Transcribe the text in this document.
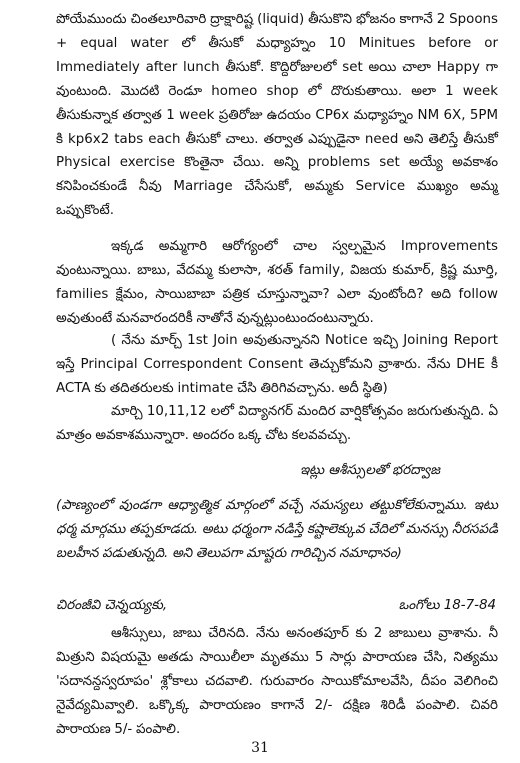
పోయేముందు చింతలూరివారి ద్రాక్షారిష్ట (liquid) తీసుకొని భోజనం కాగానే 2 Spoons + equal water లో తీసుకో మధ్యాహ్నం 10 Minitues before or Immediately after lunch తీసుకో. కొద్దిరోజులలో set అయి చాలా Happy గా వుంటుంది. మొదటి రెండూ homeo shop లో దొరుకుతాయి. అలా 1 week తీసుకున్నాక తర్వాత 1 week ప్రతిరోజు ఉదయం CP6x మధ్యాహ్నం NM 6X, 5PM కి kp6x2 tabs each తీసుకో చాలు. తర్వాత ఎప్పుడైనా need అని తెలిస్తే తీసుకో Physical exercise కొంతైనా చేయి. అన్ని problems set అయ్యే అవకాశం కనిపించకుండే నీవు Marriage చేసేసుకో, అమ్మకు Service ముఖ్యం అమ్మ ఒప్పుకొంటే.

ఇక్కడ అమ్మగారి ఆరోగ్యంలో చాల స్వల్పమైన Improvements వుంటున్నాయి. బాబు, వేదమ్మ కులాసా, శరత్ family, విజయ కుమార్, క్రిష్ణ మూర్తి, families క్షేమం, సాయిబాబా పత్రిక చూస్తున్నావా? ఎలా వుంటోంది? అది follow అవుతుంటే మనవారందరికీ నాతోనే వున్నట్లుంటుందంటున్నారు.

( నేను మార్చ్ 1st Join అవుతున్నానని Notice ఇచ్చి Joining Report ఇస్తే Principal Correspondent Consent తెచ్చుకోమని వ్రాశారు. నేను DHE కీ ACTA కు తదితరులకు intimate చేసి తిరిగివచ్చాను. అదీ స్థితి)

మార్చి 10,11,12 లలో విద్యానగర్ మందిర వార్షికోత్సవం జరుగుతున్నది. ఏ మాత్రం అవకాశమున్నారా. అందరం ఒక్క చోట కలవవచ్చు.

ఇట్లు ఆశీస్సులతో భరద్వాజ

(పాణ్యంలో వుండగా ఆధ్యాత్మిక మార్గంలో వచ్చే నమస్యలు తట్టుకోలేకున్నాము. ఇటు ధర్మ మార్గము తప్పకూడదు. అటు ధర్మంగా నడిస్తే కష్టాలెక్కువ చేదిలో మనస్సు నీరసపడి బలహీన పడుతున్నది. అని తెలుపగా మాష్టరు గారిచ్చిన నమాధానం)

చిరంజీవి చెన్నయ్యకు,	ఒంగోలు 18-7-84

ఆశీస్సులు, జాబు చేరినది. నేను అనంతపూర్ కు 2 జాబులు వ్రాశాను. నీ మిత్రుని విషయమై అతడు సాయిలీలా మృతము 5 సార్లు పారాయణ చేసి, నిత్యము 'సదానన్దస్వరూపం' శ్లోకాలు చదవాలి. గురువారం సాయికోమాలవేసి, దీపం వెలిగించి నైవేద్యమివ్వాలి. ఒక్కొక్క పారాయణం కాగానే 2/- దక్షిణ శిరిడీ పంపాలి. చివరి పారాయణ 5/- పంపాలి.

31
